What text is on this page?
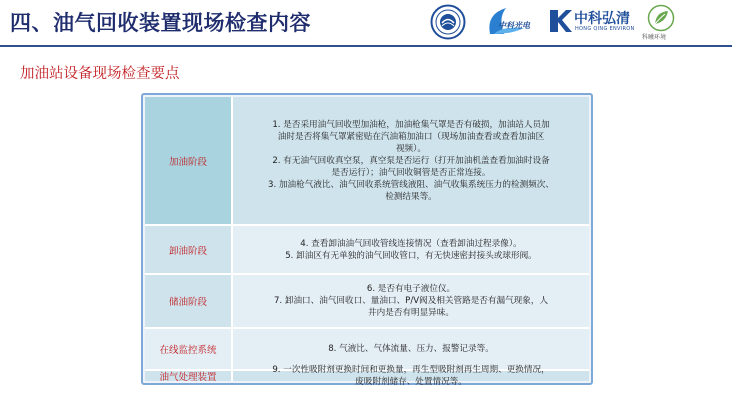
四、油气回收装置现场检查内容	中科光电	中科弘清
HONG QING ENVIRON
科曦环境
加油站设备现场检查要点
加油阶段
1. 是否采用油气回收型加油枪，加油枪集气罩是否有破损，加油站人员加
油时是否将集气罩紧密贴在汽油箱加油口（现场加油查看或查看加油区
视频）。
2. 有无油气回收真空泵，真空泵是否运行（打开加油机盖查看加油时设备
是否运行）；油气回收铜管是否正常连接。
3. 加油枪气液比、油气回收系统管线液阻、油气收集系统压力的检测频次、
检测结果等。
卸油阶段
4. 查看卸油油气回收管线连接情况（查看卸油过程录像）。
5. 卸油区有无单独的油气回收管口，有无快速密封接头或球形阀。
储油阶段
6. 是否有电子液位仪。
7. 卸油口、油气回收口、量油口、P/V阀及相关管路是否有漏气现象，人
井内是否有明显异味。
在线监控系统	8. 气液比、气体流量、压力、报警记录等。
油气处理装置
9. 一次性吸附剂更换时间和更换量，再生型吸附剂再生周期、更换情况，
废吸附剂储存、处置情况等。
